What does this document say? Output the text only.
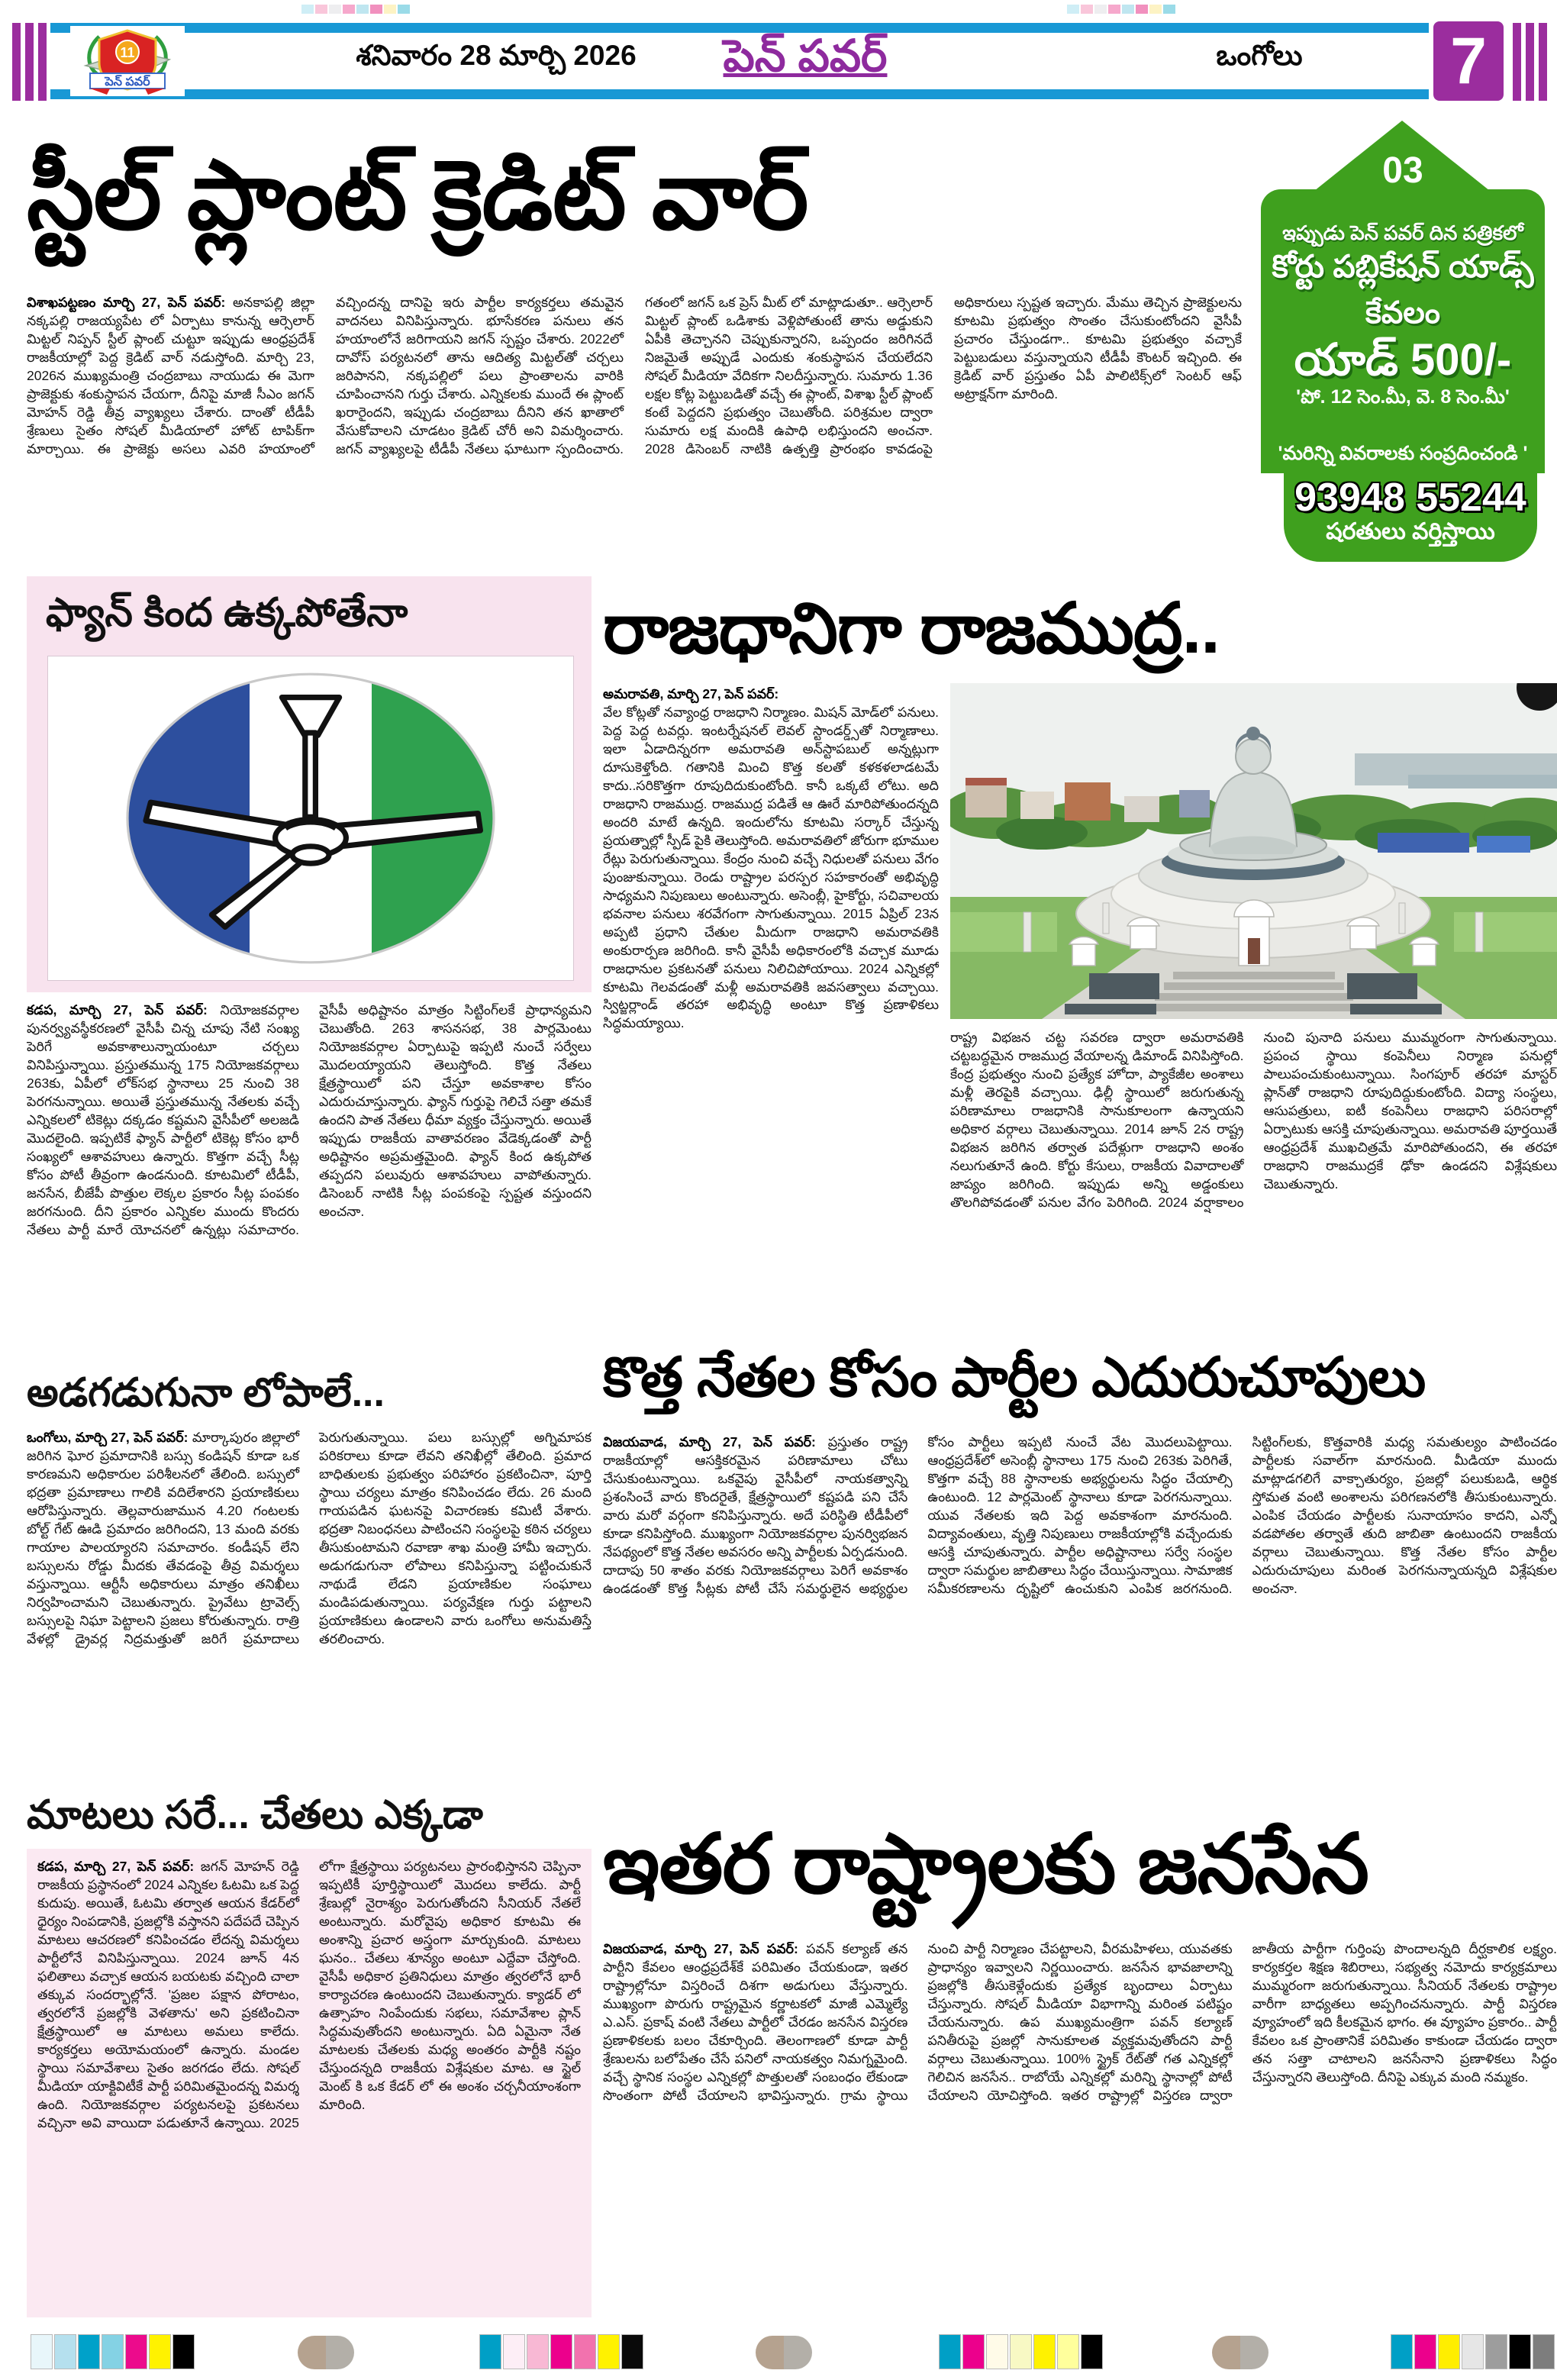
11
పెన్ పవర్
శనివారం 28 మార్చి 2026	పెన్ పవర్	ఒంగోలు	7
స్టీల్ ప్లాంట్ క్రెడిట్ వార్
విశాఖపట్టణం మార్చి 27, పెన్ పవర్: అనకాపల్లి జిల్లా నక్కపల్లి రాజయ్యపేట లో ఏర్పాటు కానున్న ఆర్సెలార్ మిట్టల్ నిప్పన్ స్టీల్ ప్లాంట్ చుట్టూ ఇప్పుడు ఆంధ్రప్రదేశ్ రాజకీయాల్లో పెద్ద క్రెడిట్ వార్ నడుస్తోంది. మార్చి 23, 2026న ముఖ్యమంత్రి చంద్రబాబు నాయుడు ఈ మెగా ప్రాజెక్టుకు శంకుస్థాపన చేయగా, దీనిపై మాజీ సీఎం జగన్ మోహన్ రెడ్డి తీవ్ర వ్యాఖ్యలు చేశారు. దాంతో టీడీపీ శ్రేణులు సైతం సోషల్ మీడియాలో హోట్ టాపిక్‌గా మార్చాయి. ఈ ప్రాజెక్టు అసలు ఎవరి హయాంలో వచ్చిందన్న దానిపై ఇరు పార్టీల కార్యకర్తలు తమవైన వాదనలు వినిపిస్తున్నారు. భూసేకరణ పనులు తన హయాంలోనే జరిగాయని జగన్ స్పష్టం చేశారు. 2022లో దావోస్ పర్యటనలో తాను ఆదిత్య మిట్టల్‌తో చర్చలు జరిపానని, నక్కపల్లిలో పలు ప్రాంతాలను వారికి చూపించానని గుర్తు చేశారు. ఎన్నికలకు ముందే ఈ ప్లాంట్ ఖరారైందని, ఇప్పుడు చంద్రబాబు దీనిని తన ఖాతాలో వేసుకోవాలని చూడటం క్రెడిట్ చోరీ అని విమర్శించారు. జగన్ వ్యాఖ్యలపై టీడీపీ నేతలు ఘాటుగా స్పందించారు. గతంలో జగన్ ఒక ప్రెస్ మీట్ లో మాట్లాడుతూ.. ఆర్సెలార్ మిట్టల్ ప్లాంట్ ఒడిశాకు వెళ్లిపోతుంటే తాను అడ్డుకుని ఏపీకి తెచ్చానని చెప్పుకున్నారని, ఒప్పందం జరిగినదే నిజమైతే అప్పుడే ఎందుకు శంకుస్థాపన చేయలేదని సోషల్ మీడియా వేదికగా నిలదీస్తున్నారు. సుమారు 1.36 లక్షల కోట్ల పెట్టుబడితో వచ్చే ఈ ప్లాంట్, విశాఖ స్టీల్ ప్లాంట్ కంటే పెద్దదని ప్రభుత్వం చెబుతోంది. పరిశ్రమల ద్వారా సుమారు లక్ష మందికి ఉపాధి లభిస్తుందని అంచనా. 2028 డిసెంబర్ నాటికి ఉత్పత్తి ప్రారంభం కావడంపై అధికారులు స్పష్టత ఇచ్చారు. మేము తెచ్చిన ప్రాజెక్టులను కూటమి ప్రభుత్వం సొంతం చేసుకుంటోందని వైసీపీ ప్రచారం చేస్తుండగా.. కూటమి ప్రభుత్వం వచ్చాకే పెట్టుబడులు వస్తున్నాయని టీడీపీ కౌంటర్ ఇచ్చింది. ఈ క్రెడిట్ వార్ ప్రస్తుతం ఏపీ పాలిటిక్స్‌లో సెంటర్ ఆఫ్ అట్రాక్షన్‌గా మారింది.
03
ఇప్పుడు పెన్ పవర్ దిన పత్రికలో
కోర్టు పబ్లికేషన్ యాడ్స్
కేవలం
యాడ్ 500/-
'పో. 12 సెం.మీ, వె. 8 సెం.మీ'
'మరిన్ని వివరాలకు సంప్రదించండి '
93948 55244
షరతులు వర్తిస్తాయి
ఫ్యాన్ కింద ఉక్కపోతేనా
కడప, మార్చి 27, పెన్ పవర్: నియోజకవర్గాల పునర్వ్యవస్థీకరణలో వైసీపీ చిన్న చూపు నేటి సంఖ్య పెరిగే అవకాశాలున్నాయంటూ చర్చలు వినిపిస్తున్నాయి. ప్రస్తుతమున్న 175 నియోజకవర్గాలు 263కు, ఏపీలో లోక్‌సభ స్థానాలు 25 నుంచి 38 పెరగనున్నాయి. అయితే ప్రస్తుతమున్న నేతలకు వచ్చే ఎన్నికలలో టికెట్లు దక్కడం కష్టమని వైసీపీలో అలజడి మొదలైంది. ఇప్పటికే ఫ్యాన్ పార్టీలో టికెట్ల కోసం భారీ సంఖ్యలో ఆశావహులు ఉన్నారు. కొత్తగా వచ్చే సీట్ల కోసం పోటీ తీవ్రంగా ఉండనుంది. కూటమిలో టీడీపీ, జనసేన, బీజేపీ పొత్తుల లెక్కల ప్రకారం సీట్ల పంపకం జరగనుంది. దీని ప్రకారం ఎన్నికల ముందు కొందరు నేతలు పార్టీ మారే యోచనలో ఉన్నట్లు సమాచారం. వైసీపీ అధిష్టానం మాత్రం సిట్టింగ్‌లకే ప్రాధాన్యమని చెబుతోంది. 263 శాసనసభ, 38 పార్లమెంటు నియోజకవర్గాల ఏర్పాటుపై ఇప్పటి నుంచే సర్వేలు మొదలయ్యాయని తెలుస్తోంది. కొత్త నేతలు క్షేత్రస్థాయిలో పని చేస్తూ అవకాశాల కోసం ఎదురుచూస్తున్నారు. ఫ్యాన్ గుర్తుపై గెలిచే సత్తా తమకే ఉందని పాత నేతలు ధీమా వ్యక్తం చేస్తున్నారు. అయితే ఇప్పుడు రాజకీయ వాతావరణం వేడెక్కడంతో పార్టీ అధిష్టానం అప్రమత్తమైంది. ఫ్యాన్ కింద ఉక్కపోత తప్పదని పలువురు ఆశావహులు వాపోతున్నారు. డిసెంబర్ నాటికి సీట్ల పంపకంపై స్పష్టత వస్తుందని అంచనా.
అడగడుగునా లోపాలే...
ఒంగోలు, మార్చి 27, పెన్ పవర్: మార్కాపురం జిల్లాలో జరిగిన ఘోర ప్రమాదానికి బస్సు కండిషన్ కూడా ఒక కారణమని అధికారుల పరిశీలనలో తేలింది. బస్సులో భద్రతా ప్రమాణాలు గాలికి వదిలేశారని ప్రయాణికులు ఆరోపిస్తున్నారు. తెల్లవారుజామున 4.20 గంటలకు బోల్ట్ గేట్ ఊడి ప్రమాదం జరిగిందని, 13 మంది వరకు గాయాల పాలయ్యారని సమాచారం. కండీషన్ లేని బస్సులను రోడ్డు మీదకు తేవడంపై తీవ్ర విమర్శలు వస్తున్నాయి. ఆర్టీసీ అధికారులు మాత్రం తనిఖీలు నిర్వహించామని చెబుతున్నారు. ప్రైవేటు ట్రావెల్స్ బస్సులపై నిఘా పెట్టాలని ప్రజలు కోరుతున్నారు. రాత్రి వేళల్లో డ్రైవర్ల నిద్రమత్తుతో జరిగే ప్రమాదాలు పెరుగుతున్నాయి. పలు బస్సుల్లో అగ్నిమాపక పరికరాలు కూడా లేవని తనిఖీల్లో తేలింది. ప్రమాద బాధితులకు ప్రభుత్వం పరిహారం ప్రకటించినా, పూర్తి స్థాయి చర్యలు మాత్రం కనిపించడం లేదు. 26 మంది గాయపడిన ఘటనపై విచారణకు కమిటీ వేశారు. భద్రతా నిబంధనలు పాటించని సంస్థలపై కఠిన చర్యలు తీసుకుంటామని రవాణా శాఖ మంత్రి హామీ ఇచ్చారు. అడుగడుగునా లోపాలు కనిపిస్తున్నా పట్టించుకునే నాథుడే లేడని ప్రయాణికుల సంఘాలు మండిపడుతున్నాయి. పర్యవేక్షణ గుర్తు పట్టాలని ప్రయాణికులు ఉండాలని వారు ఒంగోలు అనుమతిస్తే తరలించారు.
మాటలు సరే... చేతలు ఎక్కడా
కడప, మార్చి 27, పెన్ పవర్: జగన్ మోహన్ రెడ్డి రాజకీయ ప్రస్థానంలో 2024 ఎన్నికల ఓటమి ఒక పెద్ద కుదుపు. అయితే, ఓటమి తర్వాత ఆయన కేడర్‌లో ధైర్యం నింపడానికి, ప్రజల్లోకి వస్తానని పదేపదే చెప్పిన మాటలు ఆచరణలో కనిపించడం లేదన్న విమర్శలు పార్టీలోనే వినిపిస్తున్నాయి. 2024 జూన్ 4న ఫలితాలు వచ్చాక ఆయన బయటకు వచ్చింది చాలా తక్కువ సందర్భాల్లోనే. 'ప్రజల పక్షాన పోరాటం, త్వరలోనే ప్రజల్లోకి వెళతాను' అని ప్రకటించినా క్షేత్రస్థాయిలో ఆ మాటలు అమలు కాలేదు. కార్యకర్తలు అయోమయంలో ఉన్నారు. మండల స్థాయి సమావేశాలు సైతం జరగడం లేదు. సోషల్ మీడియా యాక్టివిటీకే పార్టీ పరిమితమైందన్న విమర్శ ఉంది. నియోజకవర్గాల పర్యటనలపై ప్రకటనలు వచ్చినా అవి వాయిదా పడుతూనే ఉన్నాయి. 2025 లోగా క్షేత్రస్థాయి పర్యటనలు ప్రారంభిస్తానని చెప్పినా ఇప్పటికీ పూర్తిస్థాయిలో మొదలు కాలేదు. పార్టీ శ్రేణుల్లో నైరాశ్యం పెరుగుతోందని సీనియర్ నేతలే అంటున్నారు. మరోవైపు అధికార కూటమి ఈ అంశాన్ని ప్రచార అస్త్రంగా మార్చుకుంది. మాటలు ఘనం.. చేతలు శూన్యం అంటూ ఎద్దేవా చేస్తోంది. వైసీపీ అధికార ప్రతినిధులు మాత్రం త్వరలోనే భారీ కార్యాచరణ ఉంటుందని చెబుతున్నారు. క్యాడర్ లో ఉత్సాహం నింపేందుకు సభలు, సమావేశాల ప్లాన్ సిద్ధమవుతోందని అంటున్నారు. ఏది ఏమైనా నేత మాటలకు చేతలకు మధ్య అంతరం పార్టీకి నష్టం చేస్తుందన్నది రాజకీయ విశ్లేషకుల మాట. ఆ స్టైల్ మెంట్ కి ఒక కేడర్ లో ఈ అంశం చర్చనీయాంశంగా మారింది.
రాజధానిగా రాజముద్ర..
అమరావతి, మార్చి 27, పెన్ పవర్:
వేల కోట్లతో నవ్యాంధ్ర రాజధాని నిర్మాణం. మిషన్ మోడ్‌లో పనులు. పెద్ద పెద్ద టవర్లు. ఇంటర్నేషనల్ లెవల్ స్టాండర్డ్స్‌తో నిర్మాణాలు. ఇలా ఏడాదిన్నరగా అమరావతి అన్‌స్టాపబుల్ అన్నట్లుగా దూసుకెళ్తోంది. గతానికి మించి కొత్త కలతో కళకళలాడటమే కాదు..సరికొత్తగా రూపుదిదుకుంటోంది. కానీ ఒక్కటే లోటు. అది రాజధాని రాజముద్ర. రాజముద్ర పడితే ఆ ఊరే మారిపోతుందన్నది అందరి మాటే ఉన్నది. ఇందులోను కూటమి సర్కార్ చేస్తున్న ప్రయత్నాల్లో స్పీడ్ పైకి తెలుస్తోంది. అమరావతిలో జోరుగా భూముల రేట్లు పెరుగుతున్నాయి. కేంద్రం నుంచి వచ్చే నిధులతో పనులు వేగం పుంజుకున్నాయి. రెండు రాష్ట్రాల పరస్పర సహకారంతో అభివృద్ధి సాధ్యమని నిపుణులు అంటున్నారు. అసెంబ్లీ, హైకోర్టు, సచివాలయ భవనాల పనులు శరవేగంగా సాగుతున్నాయి. 2015 ఏప్రిల్ 23న అప్పటి ప్రధాని చేతుల మీదుగా రాజధాని అమరావతికి అంకురార్పణ జరిగింది. కానీ వైసీపీ అధికారంలోకి వచ్చాక మూడు రాజధానుల ప్రకటనతో పనులు నిలిచిపోయాయి. 2024 ఎన్నికల్లో కూటమి గెలవడంతో మళ్లీ అమరావతికి జవసత్వాలు వచ్చాయి. స్విట్జర్లాండ్ తరహా అభివృద్ధి అంటూ కొత్త ప్రణాళికలు సిద్ధమయ్యాయి.
రాష్ట్ర విభజన చట్ట సవరణ ద్వారా అమరావతికి చట్టబద్ధమైన రాజముద్ర వేయాలన్న డిమాండ్ వినిపిస్తోంది. కేంద్ర ప్రభుత్వం నుంచి ప్రత్యేక హోదా, ప్యాకేజీల అంశాలు మళ్లీ తెరపైకి వచ్చాయి. ఢిల్లీ స్థాయిలో జరుగుతున్న పరిణామాలు రాజధానికి సానుకూలంగా ఉన్నాయని అధికార వర్గాలు చెబుతున్నాయి. 2014 జూన్ 2న రాష్ట్ర విభజన జరిగిన తర్వాత పదేళ్లుగా రాజధాని అంశం నలుగుతూనే ఉంది. కోర్టు కేసులు, రాజకీయ వివాదాలతో జాప్యం జరిగింది. ఇప్పుడు అన్ని అడ్డంకులు తొలగిపోవడంతో పనుల వేగం పెరిగింది. 2024 వర్షాకాలం నుంచి పునాది పనులు ముమ్మరంగా సాగుతున్నాయి. ప్రపంచ స్థాయి కంపెనీలు నిర్మాణ పనుల్లో పాలుపంచుకుంటున్నాయి. సింగపూర్ తరహా మాస్టర్ ప్లాన్‌తో రాజధాని రూపుదిద్దుకుంటోంది. విద్యా సంస్థలు, ఆసుపత్రులు, ఐటీ కంపెనీలు రాజధాని పరిసరాల్లో ఏర్పాటుకు ఆసక్తి చూపుతున్నాయి. అమరావతి పూర్తయితే ఆంధ్రప్రదేశ్ ముఖచిత్రమే మారిపోతుందని, ఈ తరహా రాజధాని రాజముద్రకే ఢోకా ఉండదని విశ్లేషకులు చెబుతున్నారు.
కొత్త నేతల కోసం పార్టీల ఎదురుచూపులు
విజయవాడ, మార్చి 27, పెన్ పవర్: ప్రస్తుతం రాష్ట్ర రాజకీయాల్లో ఆసక్తికరమైన పరిణామాలు చోటు చేసుకుంటున్నాయి. ఒకవైపు వైసీపీలో నాయకత్వాన్ని ప్రశంసించే వారు కొందరైతే, క్షేత్రస్థాయిలో కష్టపడి పని చేసే వారు మరో వర్గంగా కనిపిస్తున్నారు. అదే పరిస్థితి టీడీపీలో కూడా కనిపిస్తోంది. ముఖ్యంగా నియోజకవర్గాల పునర్విభజన నేపథ్యంలో కొత్త నేతల అవసరం అన్ని పార్టీలకు ఏర్పడనుంది. దాదాపు 50 శాతం వరకు నియోజకవర్గాలు పెరిగే అవకాశం ఉండడంతో కొత్త సీట్లకు పోటీ చేసే సమర్థులైన అభ్యర్థుల కోసం పార్టీలు ఇప్పటి నుంచే వేట మొదలుపెట్టాయి. ఆంధ్రప్రదేశ్‌లో అసెంబ్లీ స్థానాలు 175 నుంచి 263కు పెరిగితే, కొత్తగా వచ్చే 88 స్థానాలకు అభ్యర్థులను సిద్ధం చేయాల్సి ఉంటుంది. 12 పార్లమెంట్ స్థానాలు కూడా పెరగనున్నాయి. యువ నేతలకు ఇది పెద్ద అవకాశంగా మారనుంది. విద్యావంతులు, వృత్తి నిపుణులు రాజకీయాల్లోకి వచ్చేందుకు ఆసక్తి చూపుతున్నారు. పార్టీల అధిష్టానాలు సర్వే సంస్థల ద్వారా సమర్థుల జాబితాలు సిద్ధం చేయిస్తున్నాయి. సామాజిక సమీకరణాలను దృష్టిలో ఉంచుకుని ఎంపిక జరగనుంది. సిట్టింగ్‌లకు, కొత్తవారికి మధ్య సమతుల్యం పాటించడం పార్టీలకు సవాల్‌గా మారనుంది. మీడియా ముందు మాట్లాడగలిగే వాక్చాతుర్యం, ప్రజల్లో పలుకుబడి, ఆర్థిక స్తోమత వంటి అంశాలను పరిగణనలోకి తీసుకుంటున్నారు. ఎంపిక చేయడం పార్టీలకు సునాయాసం కాదని, ఎన్నో వడపోతల తర్వాతే తుది జాబితా ఉంటుందని రాజకీయ వర్గాలు చెబుతున్నాయి. కొత్త నేతల కోసం పార్టీల ఎదురుచూపులు మరింత పెరగనున్నాయన్నది విశ్లేషకుల అంచనా.
ఇతర రాష్ట్రాలకు జనసేన
విజయవాడ, మార్చి 27, పెన్ పవర్: పవన్ కల్యాణ్ తన పార్టీని కేవలం ఆంధ్రప్రదేశ్‌కే పరిమితం చేయకుండా, ఇతర రాష్ట్రాల్లోనూ విస్తరించే దిశగా అడుగులు వేస్తున్నారు. ముఖ్యంగా పొరుగు రాష్ట్రమైన కర్ణాటకలో మాజీ ఎమ్మెల్యే ఎ.ఎస్. ప్రకాష్ వంటి నేతలు పార్టీలో చేరడం జనసేన విస్తరణ ప్రణాళికలకు బలం చేకూర్చింది. తెలంగాణలో కూడా పార్టీ శ్రేణులను బలోపేతం చేసే పనిలో నాయకత్వం నిమగ్నమైంది. వచ్చే స్థానిక సంస్థల ఎన్నికల్లో పొత్తులతో సంబంధం లేకుండా సొంతంగా పోటీ చేయాలని భావిస్తున్నారు. గ్రామ స్థాయి నుంచి పార్టీ నిర్మాణం చేపట్టాలని, వీరమహిళలు, యువతకు ప్రాధాన్యం ఇవ్వాలని నిర్ణయించారు. జనసేన భావజాలాన్ని ప్రజల్లోకి తీసుకెళ్లేందుకు ప్రత్యేక బృందాలు ఏర్పాటు చేస్తున్నారు. సోషల్ మీడియా విభాగాన్ని మరింత పటిష్టం చేయనున్నారు. ఉప ముఖ్యమంత్రిగా పవన్ కల్యాణ్ పనితీరుపై ప్రజల్లో సానుకూలత వ్యక్తమవుతోందని పార్టీ వర్గాలు చెబుతున్నాయి. 100% స్ట్రైక్ రేట్‌తో గత ఎన్నికల్లో గెలిచిన జనసేన.. రాబోయే ఎన్నికల్లో మరిన్ని స్థానాల్లో పోటీ చేయాలని యోచిస్తోంది. ఇతర రాష్ట్రాల్లో విస్తరణ ద్వారా జాతీయ పార్టీగా గుర్తింపు పొందాలన్నది దీర్ఘకాలిక లక్ష్యం. కార్యకర్తల శిక్షణ శిబిరాలు, సభ్యత్వ నమోదు కార్యక్రమాలు ముమ్మరంగా జరుగుతున్నాయి. సీనియర్ నేతలకు రాష్ట్రాల వారీగా బాధ్యతలు అప్పగించనున్నారు. పార్టీ విస్తరణ వ్యూహంలో ఇది కీలకమైన భాగం. ఈ వ్యూహం ప్రకారం.. పార్టీ కేవలం ఒక ప్రాంతానికే పరిమితం కాకుండా చేయడం ద్వారా తన సత్తా చాటాలని జనసేనాని ప్రణాళికలు సిద్ధం చేస్తున్నారని తెలుస్తోంది. దీనిపై ఎక్కువ మంది నమ్మకం.
